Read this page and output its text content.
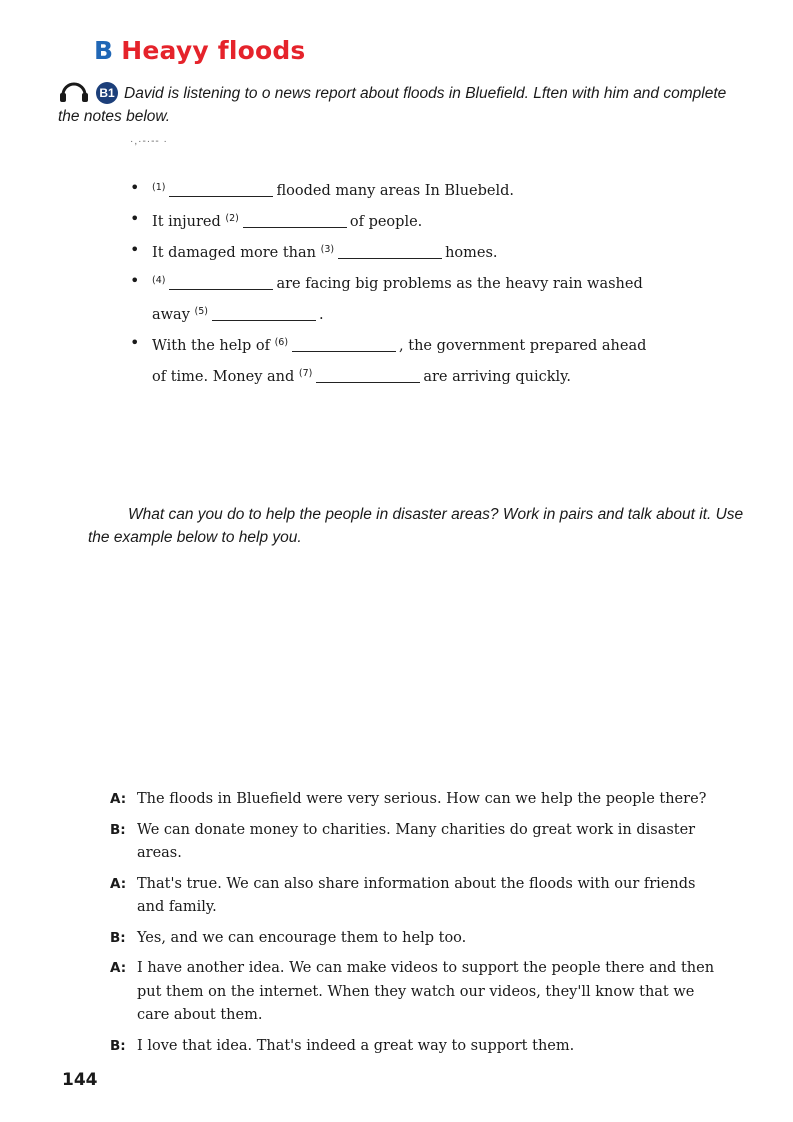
B Heayy floods
B1 David is listening to o news report about floods in Bluefield. Lften with him and complete the notes below.
·,·-·-- ·
• $^{(1)}$	flooded many areas In Bluebeld.
• It injured $^{(2)}$	of people.
• It damaged more than $^{(3)}$	homes.
• $^{(4)}$	are facing big problems as the heavy rain washed
away $^{(5)}$	.
• With the help of $^{(6)}$	, the government prepared ahead
of time. Money and $^{(7)}$	are arriving quickly.
What can you do to help the people in disaster areas? Work in pairs and talk about it. Use the example below to help you.
A: The floods in Bluefield were very serious. How can we help the people there?
B: We can donate money to charities. Many charities do great work in disaster areas.
A: That's true. We can also share information about the floods with our friends and family.
B: Yes, and we can encourage them to help too.
A: I have another idea. We can make videos to support the people there and then put them on the internet. When they watch our videos, they'll know that we care about them.
B: I love that idea. That's indeed a great way to support them.
144
